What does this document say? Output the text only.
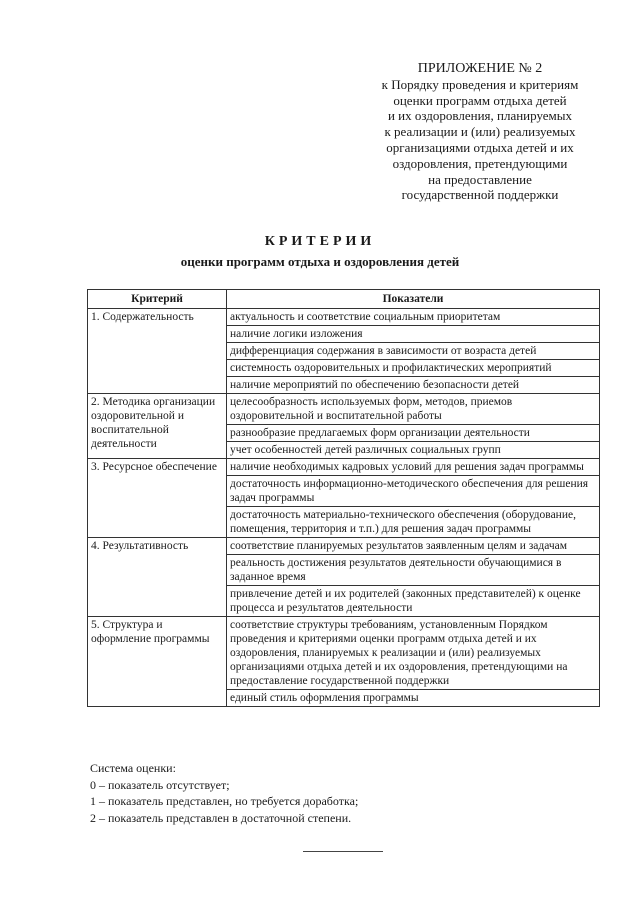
ПРИЛОЖЕНИЕ № 2
к Порядку проведения и критериям
оценки программ отдыха детей
и их оздоровления, планируемых
к реализации и (или) реализуемых
организациями отдыха детей и их
оздоровления, претендующими
на предоставление
государственной поддержки
КРИТЕРИИ
оценки программ отдыха и оздоровления детей
Критерий	Показатели
1. Содержательность	актуальность и соответствие социальным приоритетам
	наличие логики изложения
	дифференциация содержания в зависимости от возраста детей
	системность оздоровительных и профилактических мероприятий
	наличие мероприятий по обеспечению безопасности детей
2. Методика организации оздоровительной и воспитательной деятельности	целесообразность используемых форм, методов, приемов оздоровительной и воспитательной работы
	разнообразие предлагаемых форм организации деятельности
	учет особенностей детей различных социальных групп
3. Ресурсное обеспечение	наличие необходимых кадровых условий для решения задач программы
	достаточность информационно-методического обеспечения для решения задач программы
	достаточность материально-технического обеспечения (оборудование, помещения, территория и т.п.) для решения задач программы
4. Результативность	соответствие планируемых результатов заявленным целям и задачам
	реальность достижения результатов деятельности обучающимися в заданное время
	привлечение детей и их родителей (законных представителей) к оценке процесса и результатов деятельности
5. Структура и оформление программы	соответствие структуры требованиям, установленным Порядком проведения и критериями оценки программ отдыха детей и их оздоровления, планируемых к реализации и (или) реализуемых организациями отдыха детей и их оздоровления, претендующими на предоставление государственной поддержки
	единый стиль оформления программы
Система оценки:
0 – показатель отсутствует;
1 – показатель представлен, но требуется доработка;
2 – показатель представлен в достаточной степени.
